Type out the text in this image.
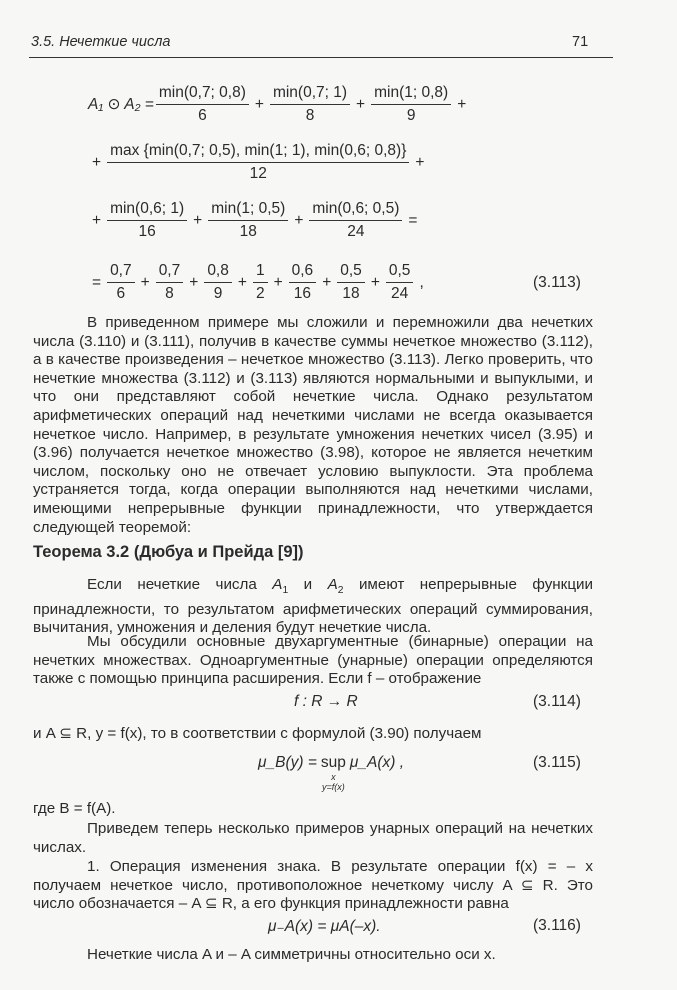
3.5. Нечеткие числа	71
A₁ ⊙ $A_2 = \frac{\min(0,7; 0,8)}{6} + \frac{\min(0,7; 1)}{8} + \frac{\min(1; 0,8)}{9}$ +
+ $\frac{\max \{\min(0,7; 0,5), \min(1; 1), \min(0,6; 0,8)\}}{12}$ +
+ $\frac{\min(0,6; 1)}{16} + \frac{\min(1; 0,5)}{18} + \frac{\min(0,6; 0,5)}{24}$ =
= $\frac{0,7}{6} + \frac{0,7}{8} + \frac{0,8}{9} + \frac{1}{2} + \frac{0,6}{16} + \frac{0,5}{18} + \frac{0,5}{24}$ ,	(3.113)

В приведенном примере мы сложили и перемножили два нечетких числа (3.110) и (3.111), получив в качестве суммы нечеткое множество (3.112), а в качестве произведения – нечеткое множество (3.113). Легко проверить, что нечеткие множества (3.112) и (3.113) являются нормальными и выпуклыми, и что они представляют собой нечеткие числа. Однако результатом арифметических операций над нечеткими числами не всегда оказывается нечеткое число. Например, в результате умножения нечетких чисел (3.95) и (3.96) получается нечеткое множество (3.98), которое не является нечетким числом, поскольку оно не отвечает условию выпуклости. Эта проблема устраняется тогда, когда операции выполняются над нечеткими числами, имеющими непрерывные функции принадлежности, что утверждается следующей теоремой:

Теорема 3.2 (Дюбуа и Прейда [9])

Если нечеткие числа $A_1$ и $A_2$ имеют непрерывные функции принадлежности, то результатом арифметических операций суммирования, вычитания, умножения и деления будут нечеткие числа.

Мы обсудили основные двухаргументные (бинарные) операции на нечетких множествах. Одноаргументные (унарные) операции определяются также с помощью принципа расширения. Если f – отображение

f : R → R	(3.114)

и A ⊆ R, y = f(x), то в соответствии с формулой (3.90) получаем

μ_B(y) = sup
x
y=f(x)
μ_A(x) ,	(3.115)

где B = f(A).

Приведем теперь несколько примеров унарных операций на нечетких числах.

1. Операция изменения знака. В результате операции f(x) = – x получаем нечеткое число, противоположное нечеткому числу A ⊆ R. Это число обозначается – A ⊆ R, а его функция принадлежности равна

μ₋A(x) = μA(–x).	(3.116)

Нечеткие числа A и – A симметричны относительно оси x.
